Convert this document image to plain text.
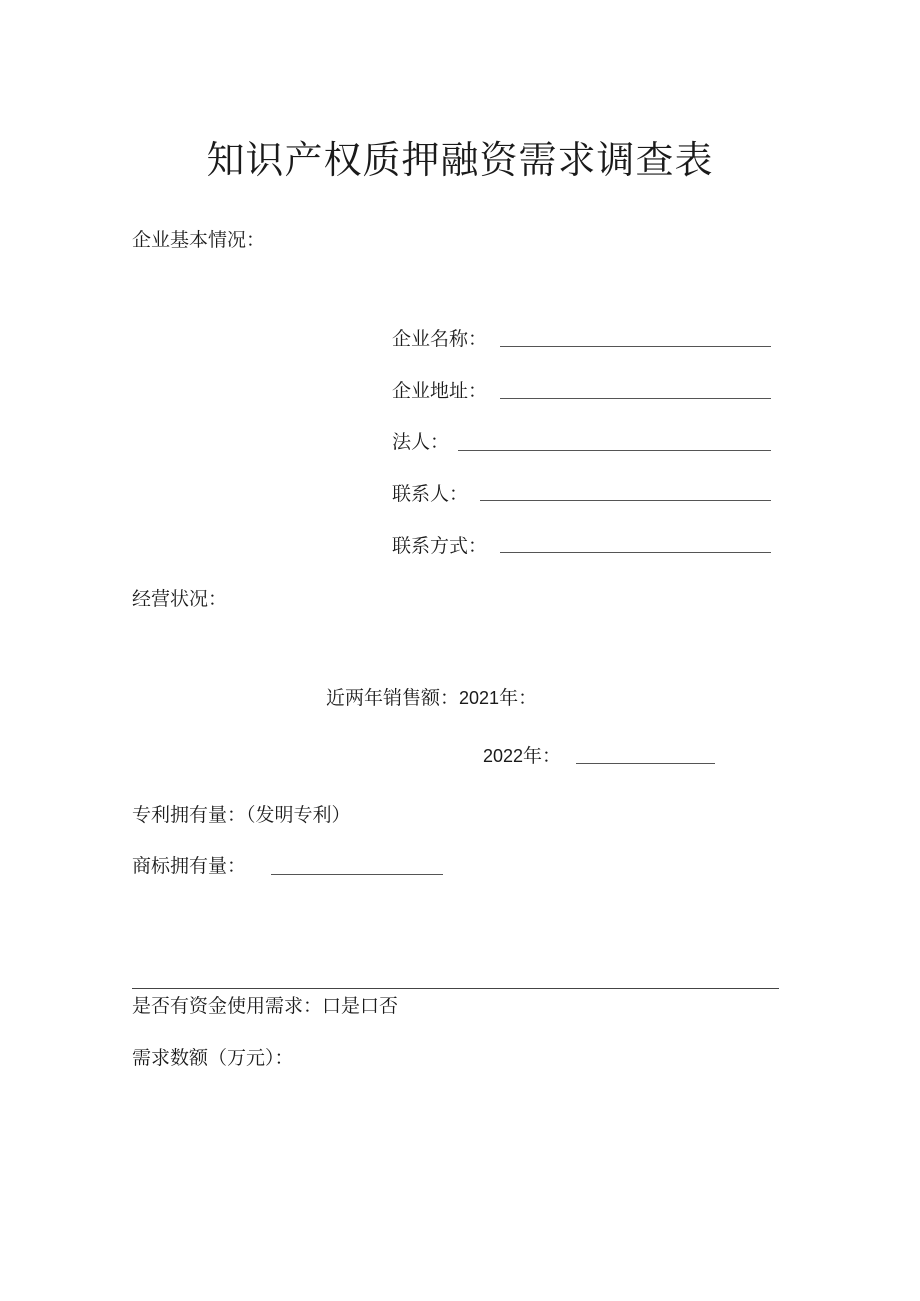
知识产权质押融资需求调查表
企业基本情况：
企业名称：
企业地址：
法人：
联系人：
联系方式：
经营状况：
近两年销售额：2021年：
2022年：
专利拥有量：（发明专利）
商标拥有量：
是否有资金使用需求：口是口否
需求数额（万元）：
